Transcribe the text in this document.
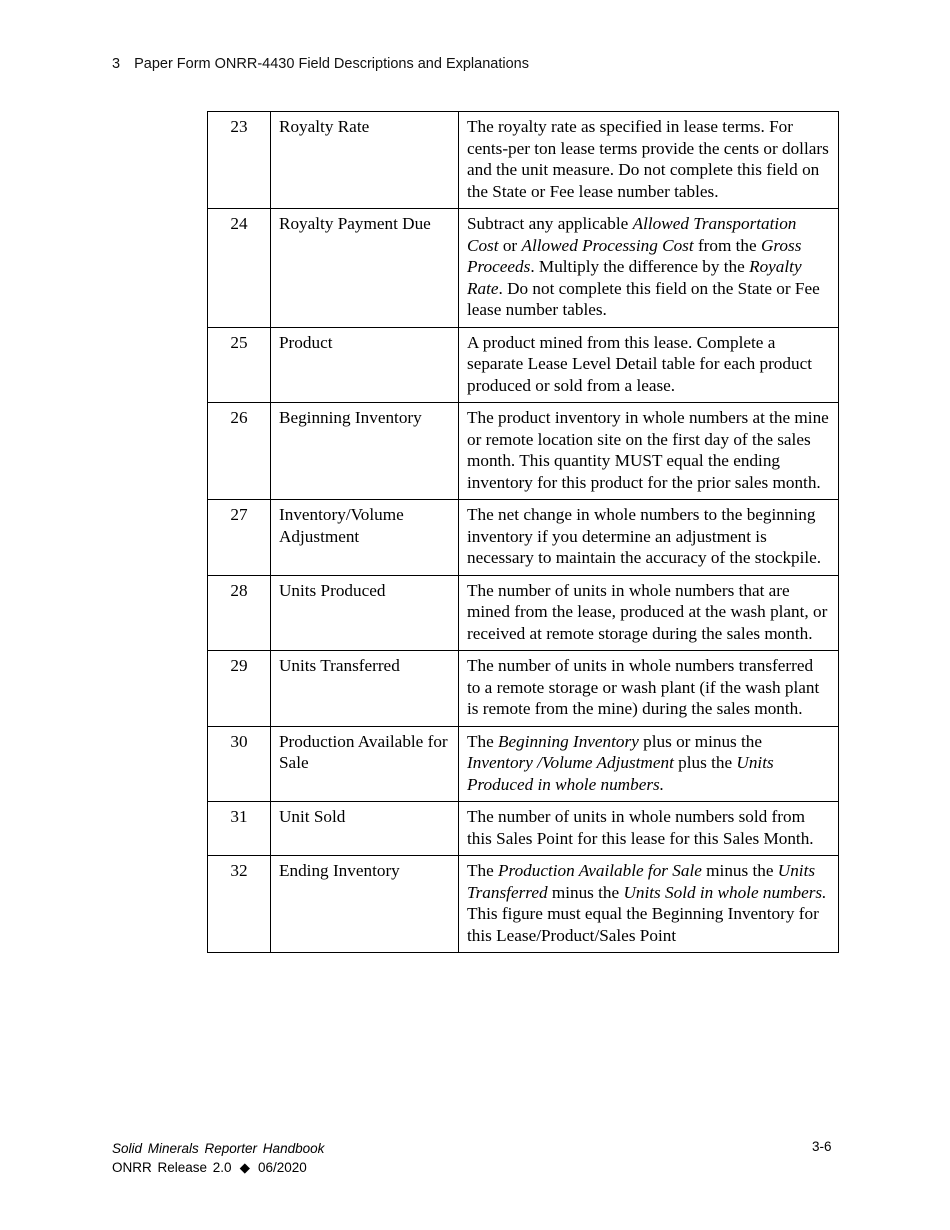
3 Paper Form ONRR-4430 Field Descriptions and Explanations
23	Royalty Rate	The royalty rate as specified in lease terms. For cents-per ton lease terms provide the cents or dollars and the unit measure. Do not complete this field on the State or Fee lease number tables.
24	Royalty Payment Due	Subtract any applicable Allowed Transportation Cost or Allowed Processing Cost from the Gross Proceeds. Multiply the difference by the Royalty Rate. Do not complete this field on the State or Fee lease number tables.
25	Product	A product mined from this lease. Complete a separate Lease Level Detail table for each product produced or sold from a lease.
26	Beginning Inventory	The product inventory in whole numbers at the mine or remote location site on the first day of the sales month. This quantity MUST equal the ending inventory for this product for the prior sales month.
27	Inventory/Volume Adjustment	The net change in whole numbers to the beginning inventory if you determine an adjustment is necessary to maintain the accuracy of the stockpile.
28	Units Produced	The number of units in whole numbers that are mined from the lease, produced at the wash plant, or received at remote storage during the sales month.
29	Units Transferred	The number of units in whole numbers transferred to a remote storage or wash plant (if the wash plant is remote from the mine) during the sales month.
30	Production Available for Sale	The Beginning Inventory plus or minus the Inventory /Volume Adjustment plus the Units Produced in whole numbers.
31	Unit Sold	The number of units in whole numbers sold from this Sales Point for this lease for this Sales Month.
32	Ending Inventory	The Production Available for Sale minus the Units Transferred minus the Units Sold in whole numbers. This figure must equal the Beginning Inventory for this Lease/Product/Sales Point
Solid Minerals Reporter Handbook
ONRR Release 2.0 ◆ 06/2020
3-6
